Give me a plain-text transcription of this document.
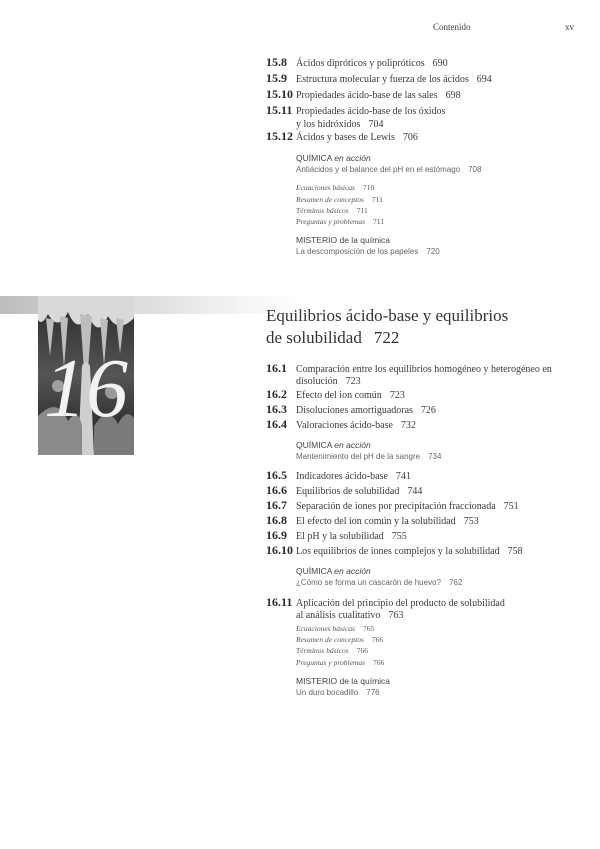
Contenido	xv
15.8 Ácidos dipróticos y polipróticos 690
15.9 Estructura molecular y fuerza de los ácidos 694
15.10 Propiedades ácido-base de las sales 698
15.11 Propiedades ácido-base de los óxidos
y los hidróxidos 704
15.12 Ácidos y bases de Lewis 706
QUÍMICA en acción
Antiácidos y el balance del pH en el estómago 708
Ecuaciones básicas 710
Resumen de conceptos 711
Términos básicos 711
Preguntas y problemas 711
MISTERIO de la química
La descomposición de los papeles 720
16
Equilibrios ácido-base y equilibrios
de solubilidad 722
16.1 Comparación entre los equilibrios homogéneo y heterogéneo en
disolución 723
16.2 Efecto del ion común 723
16.3 Disoluciones amortiguadoras 726
16.4 Valoraciones ácido-base 732
QUÍMICA en acción
Mantenimiento del pH de la sangre 734
16.5 Indicadores ácido-base 741
16.6 Equilibrios de solubilidad 744
16.7 Separación de iones por precipitación fraccionada 751
16.8 El efecto del ion común y la solubilidad 753
16.9 El pH y la solubilidad 755
16.10 Los equilibrios de iones complejos y la solubilidad 758
QUÍMICA en acción
¿Cómo se forma un cascarón de huevo? 762
16.11 Aplicación del principio del producto de solubilidad
al análisis cualitativo 763
Ecuaciones básicas 765
Resumen de conceptos 766
Términos básicos 766
Preguntas y problemas 766
MISTERIO de la química
Un duro bocadillo 776
